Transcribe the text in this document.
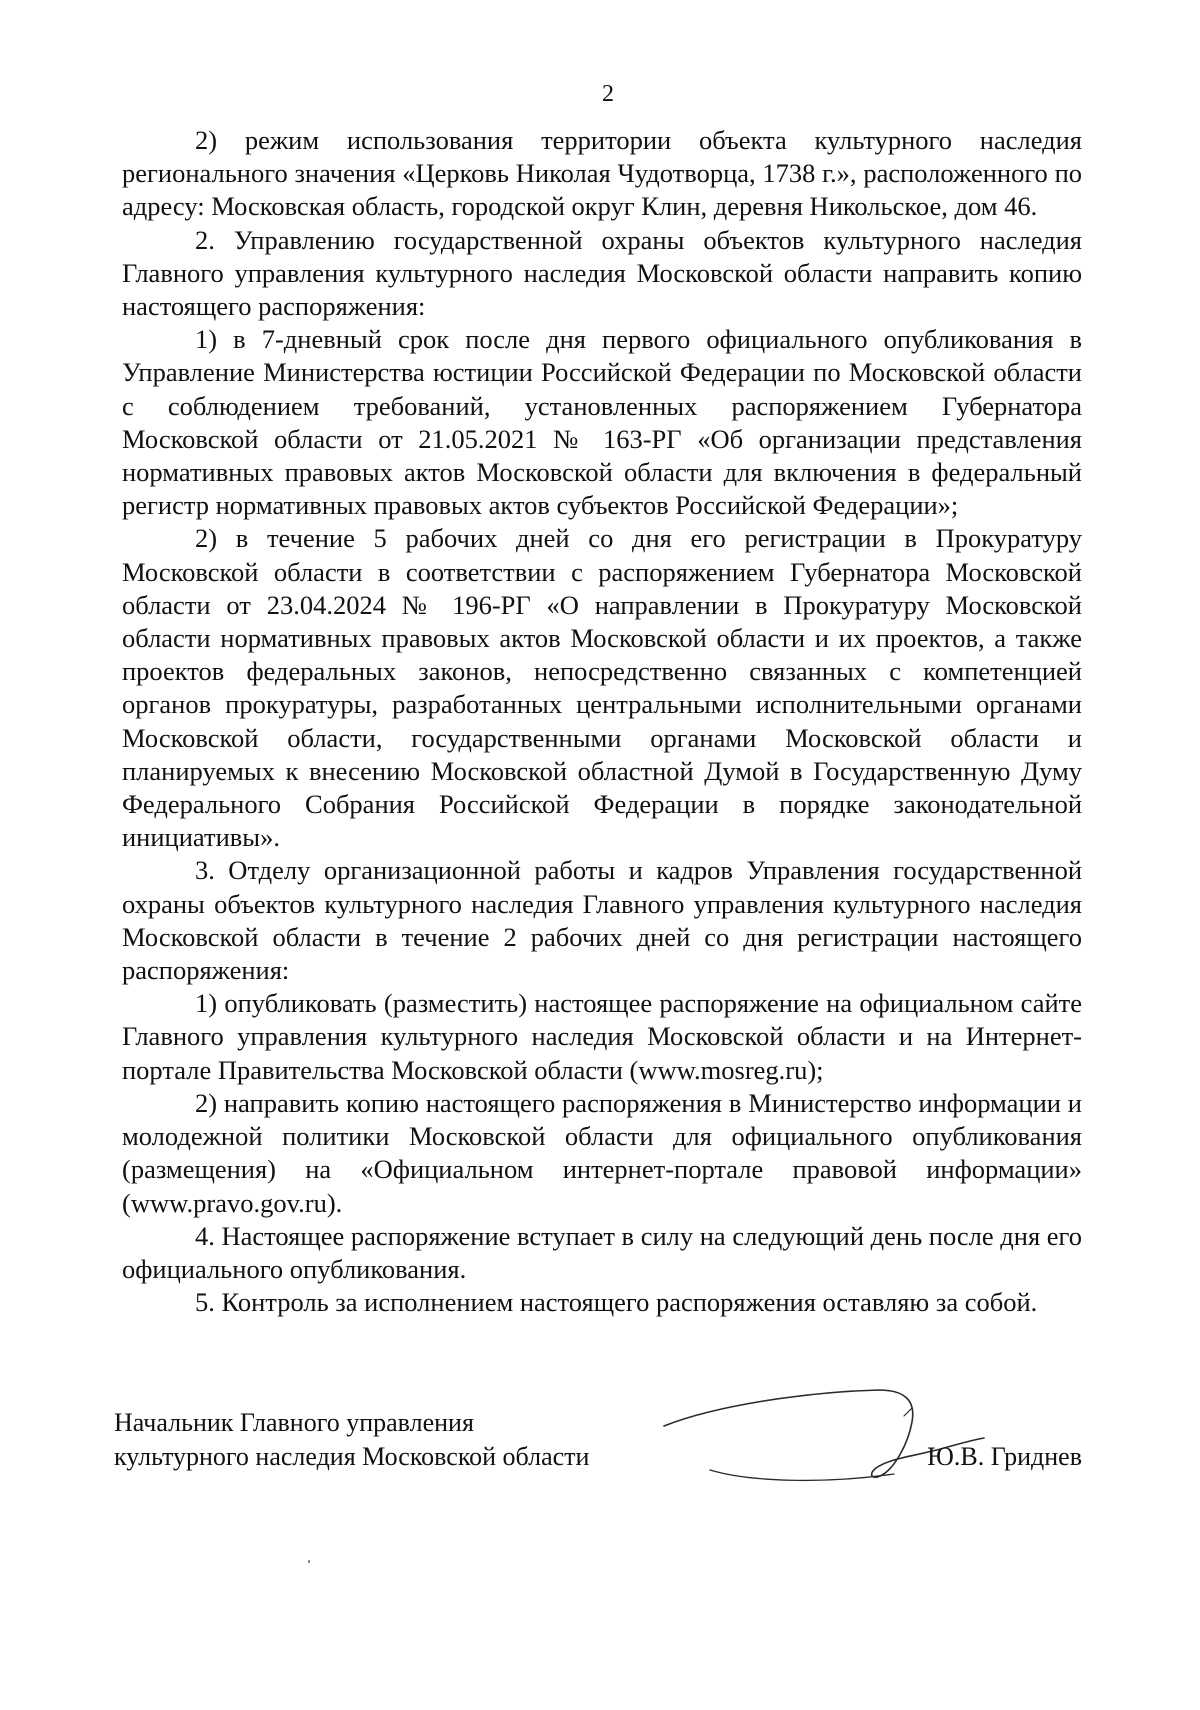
2

2) режим использования территории объекта культурного наследия регионального значения «Церковь Николая Чудотворца, 1738 г.», расположенного по адресу: Московская область, городской округ Клин, деревня Никольское, дом 46.

2. Управлению государственной охраны объектов культурного наследия Главного управления культурного наследия Московской области направить копию настоящего распоряжения:

1) в 7-дневный срок после дня первого официального опубликования в Управление Министерства юстиции Российской Федерации по Московской области с соблюдением требований, установленных распоряжением Губернатора Московской области от 21.05.2021 № 163-РГ «Об организации представления нормативных правовых актов Московской области для включения в федеральный регистр нормативных правовых актов субъектов Российской Федерации»;

2) в течение 5 рабочих дней со дня его регистрации в Прокуратуру Московской области в соответствии с распоряжением Губернатора Московской области от 23.04.2024 № 196-РГ «О направлении в Прокуратуру Московской области нормативных правовых актов Московской области и их проектов, а также проектов федеральных законов, непосредственно связанных с компетенцией органов прокуратуры, разработанных центральными исполнительными органами Московской области, государственными органами Московской области и планируемых к внесению Московской областной Думой в Государственную Думу Федерального Собрания Российской Федерации в порядке законодательной инициативы».

3. Отделу организационной работы и кадров Управления государственной охраны объектов культурного наследия Главного управления культурного наследия Московской области в течение 2 рабочих дней со дня регистрации настоящего распоряжения:

1) опубликовать (разместить) настоящее распоряжение на официальном сайте Главного управления культурного наследия Московской области и на Интернет-портале Правительства Московской области (www.mosreg.ru);

2) направить копию настоящего распоряжения в Министерство информации и молодежной политики Московской области для официального опубликования (размещения) на «Официальном интернет-портале правовой информации» (www.pravo.gov.ru).

4. Настоящее распоряжение вступает в силу на следующий день после дня его официального опубликования.

5. Контроль за исполнением настоящего распоряжения оставляю за собой.

Начальник Главного управления
культурного наследия Московской области	Ю.В. Гриднев
